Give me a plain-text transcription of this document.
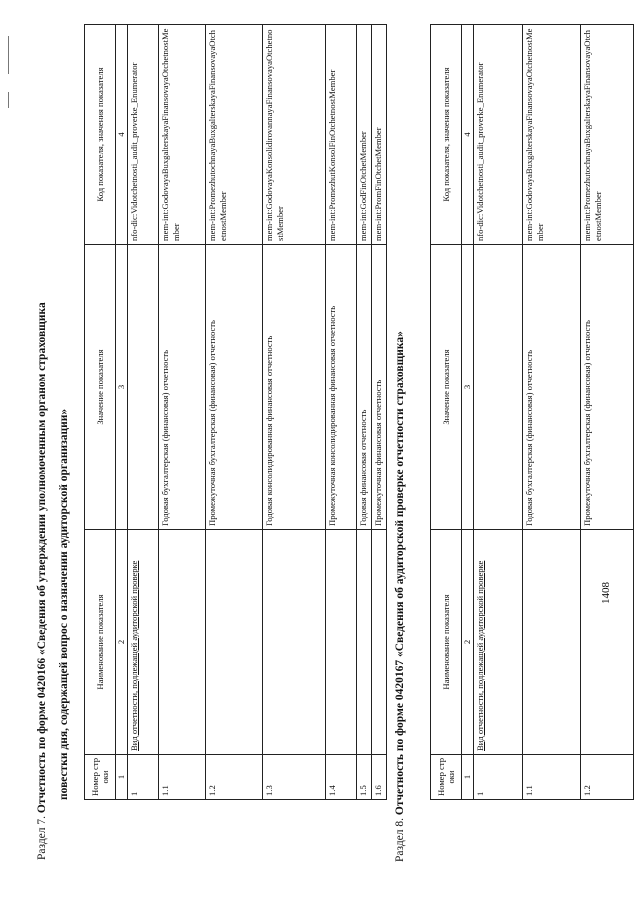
1408
Раздел 7. Отчетность по форме 0420166 «Сведения об утверждении уполномоченным органом страховщика повестки дня, содержащей вопрос о назначении аудиторской организации» Номер строки	Наименование показателя	Значение показателя	Код показателя, значения показателя
1	2	3	4
1	Вид отчетности, подлежащей аудиторской проверке		nfo-dic:Vidotchetnosti_audit_proverke_Enumerator
1.1		Годовая бухгалтерская (финансовая) отчетность	mem-int:GodovayaBuxgalterskayaFinansovayaOtchetnostMember
1.2		Промежуточная бухгалтерская (финансовая) отчетность	mem-int:PromezhutochnayaBuxgalterskayaFinansovayaOtchetnostMember
1.3		Годовая консолидированная финансовая отчетность	mem-int:GodovayaKonsolidirovannayaFinansovayaOtchetnostMember
1.4		Промежуточная консолидированная финансовая отчетность	mem-int:PromezhutKonsolFinOtchetnostMember
1.5		Годовая финансовая отчетность	mem-int:GodFinOtchetMember
1.6		Промежуточная финансовая отчетность	mem-int:PromFinOtchetMember
Раздел 8. Отчетность по форме 0420167 «Сведения об аудиторской проверке отчетности страховщика»	Номер строки	Наименование показателя	Значение показателя	Код показателя, значения показателя
1	2	3	4
1	Вид отчетности, подлежащей аудиторской проверке		nfo-dic:Vidotchetnosti_audit_proverke_Enumerator
1.1		Годовая бухгалтерская (финансовая) отчетность	mem-int:GodovayaBuxgalterskayaFinansovayaOtchetnostMember
1.2		Промежуточная бухгалтерская (финансовая) отчетность	mem-int:PromezhutochnayaBuxgalterskayaFinansovayaOtchetnostMember
